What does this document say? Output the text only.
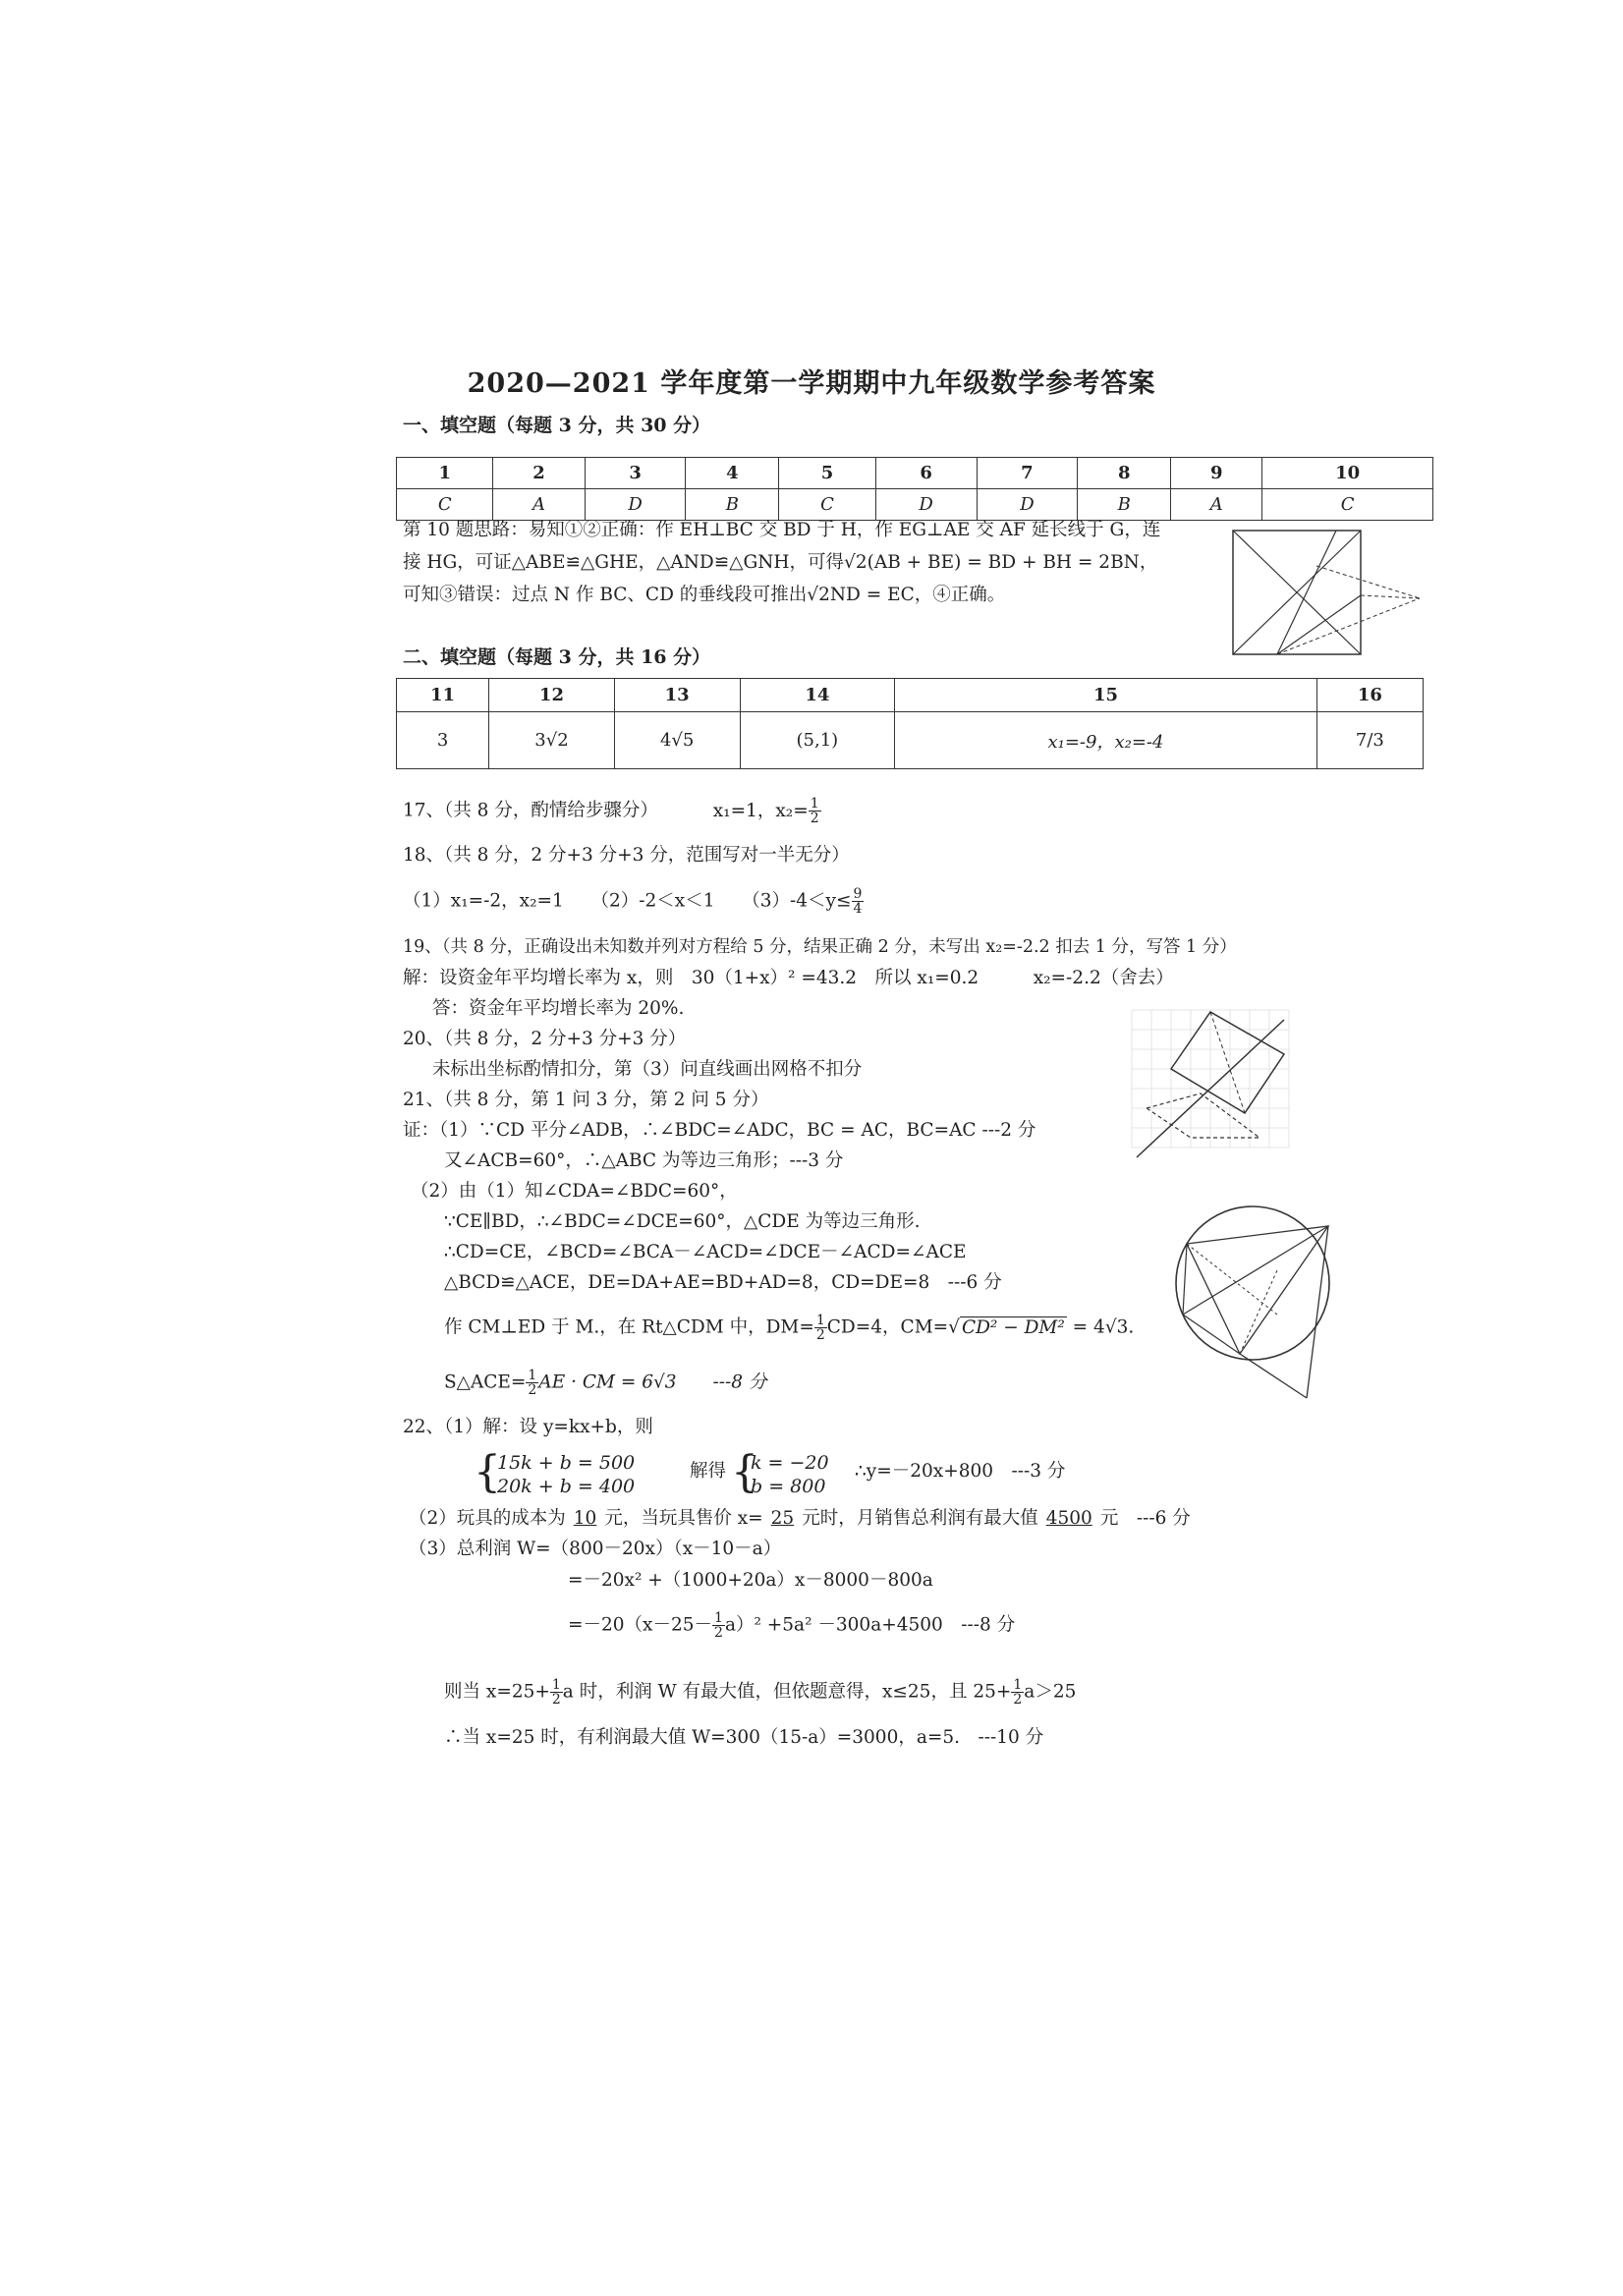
2020—2021 学年度第一学期期中九年级数学参考答案
一、填空题（每题 3 分，共 30 分）
1	2	3	4	5	6	7	8	9	10
C	A	D	B	C	D	D	B	A	C
第 10 题思路：易知①②正确：作 EH⊥BC 交 BD 于 H，作 EG⊥AE 交 AF 延长线于 G，连
接 HG，可证△ABE≌△GHE，△AND≌△GNH，可得√2(AB + BE) = BD + BH = 2BN，
可知③错误：过点 N 作 BC、CD 的垂线段可推出√2ND = EC，④正确。
二、填空题（每题 3 分，共 16 分）
11	12	13	14	15	16
3	3√2	4√5	(5,1)	x₁=-9，x₂=-4	7/3
17、（共 8 分，酌情给步骤分）	x₁=1，$x_2= \frac{1}{2}$
18、（共 8 分，2 分+3 分+3 分，范围写对一半无分）
（1）x₁=-2，x₂=1　　（2）-2＜x＜1　　$(3)-4<y\le \frac{9}{4}$
19、（共 8 分，正确设出未知数并列对方程给 5 分，结果正确 2 分，未写出 x₂=-2.2 扣去 1 分，写答 1 分）
解：设资金年平均增长率为 x，则　30（1+x）² =43.2　所以 x₁=0.2　　　x₂=-2.2（舍去）
答：资金年平均增长率为 20%.
20、（共 8 分，2 分+3 分+3 分）
未标出坐标酌情扣分，第（3）问直线画出网格不扣分
21、（共 8 分，第 1 问 3 分，第 2 问 5 分）
证：（1）∵CD 平分∠ADB，∴∠BDC=∠ADC，BC = AC，BC=AC ---2 分
又∠ACB=60°，∴△ABC 为等边三角形；---3 分
（2）由（1）知∠CDA=∠BDC=60°，
∵CE∥BD，∴∠BDC=∠DCE=60°，△CDE 为等边三角形.
∴CD=CE，∠BCD=∠BCA－∠ACD=∠DCE－∠ACD=∠ACE
△BCD≌△ACE，DE=DA+AE=BD+AD=8，CD=DE=8　---6 分
作 CM⊥ED 于 M.，在 Rt△CDM 中，$DM= \frac{1}{2} CD=4$，CM=√ CD² − DM² = 4√3.
S△ACE= $\frac{1}{2}$ AE · CM = 6√3　　---8 分
22、（1）解：设 y=kx+b，则
{
15k + b = 500
20k + b = 400
解得 {
k = −20
b = 800
∴y=－20x+800　---3 分
（2）玩具的成本为 10 元，当玩具售价 x= 25 元时，月销售总利润有最大值 4500 元　---6 分
（3）总利润 W=（800－20x）（x－10－a）
=－20x² +（1000+20a）x－8000－800a
$=-20(x-25- \frac{1}{2} a)^2 +5a^2 -300a+4500$　---8 分
则当 $x=25+ \frac{1}{2}$ a 时，利润 W 有最大值，但依题意得，x≤25，且 $25+ \frac{1}{2} a>25$
∴当 x=25 时，有利润最大值 W=300（15-a）=3000，a=5.　---10 分
